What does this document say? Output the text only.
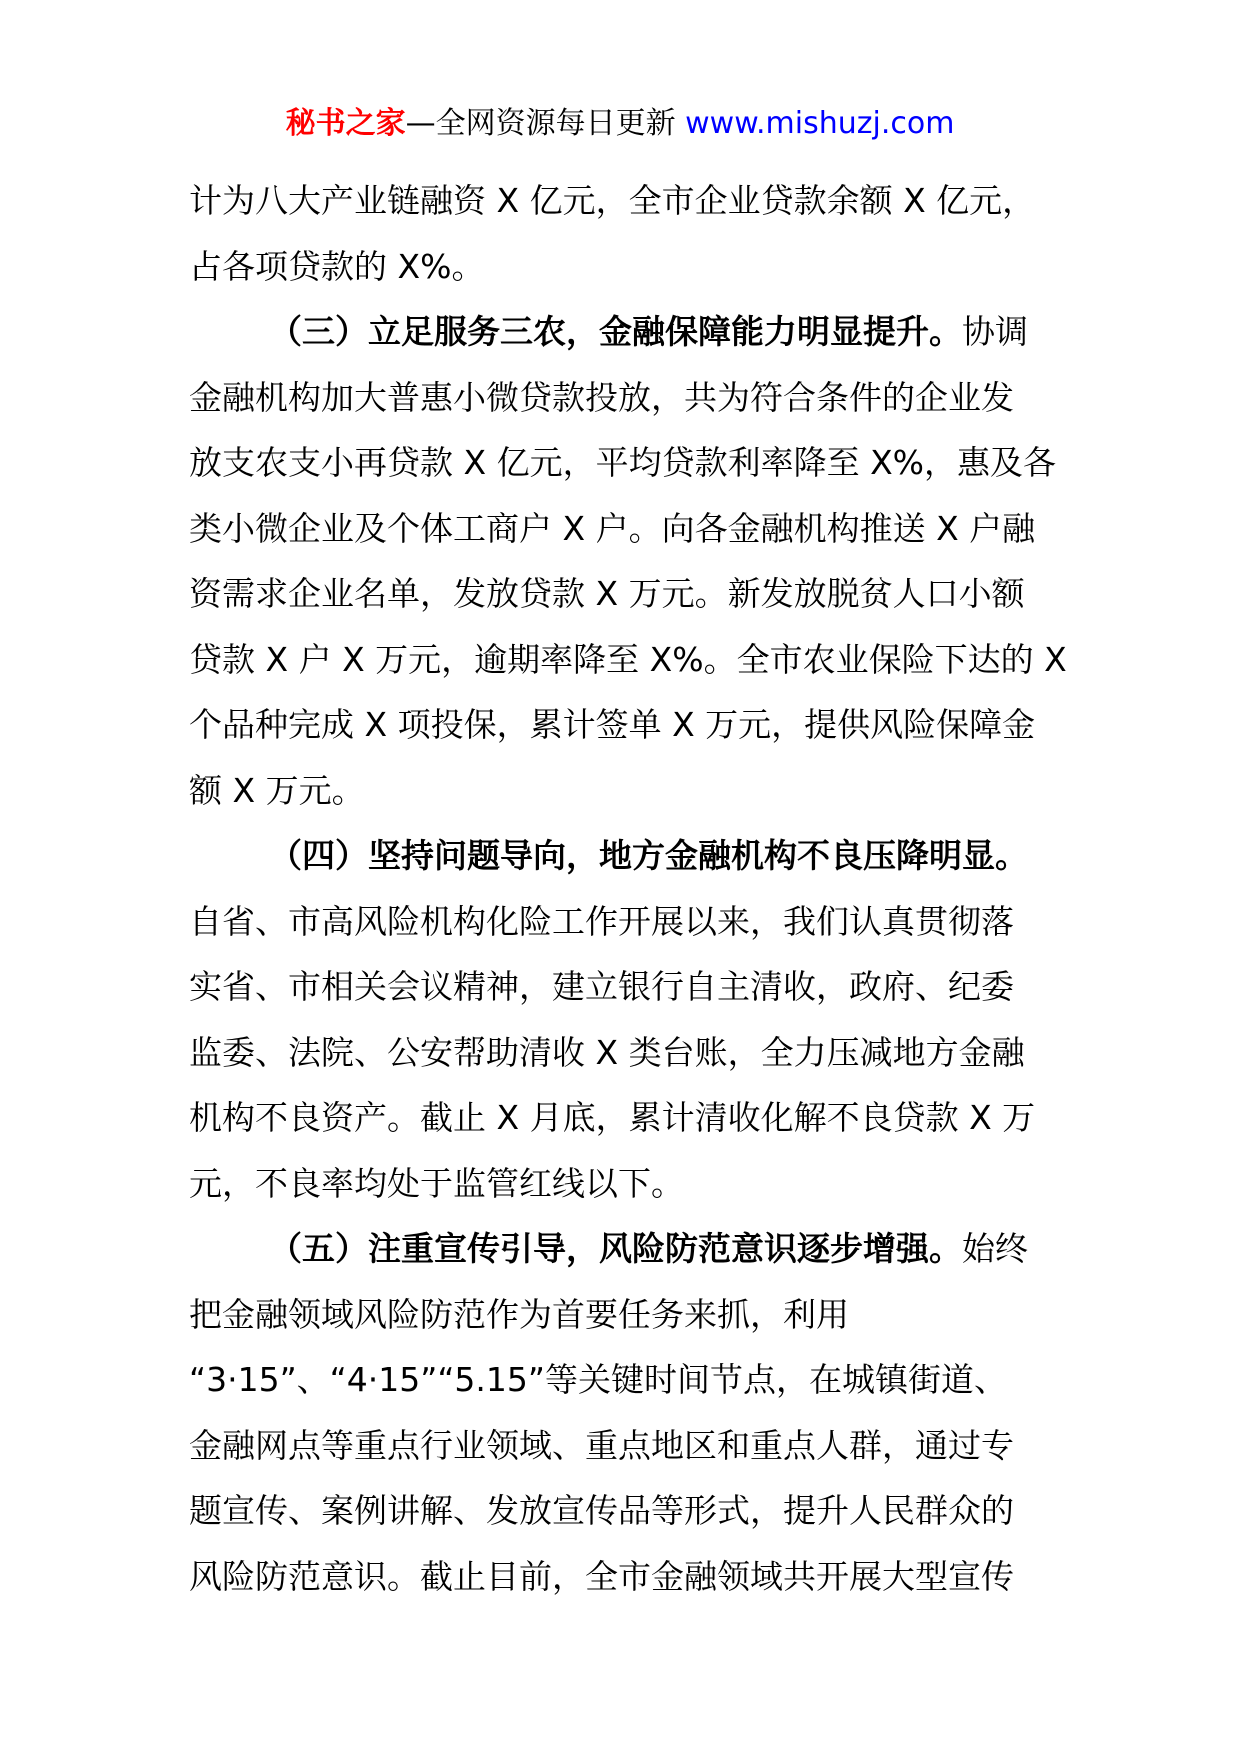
秘书之家—全网资源每日更新 www.mishuzj.com
计为八大产业链融资 X 亿元，全市企业贷款余额 X 亿元，
占各项贷款的 X%。
（三）立足服务三农，金融保障能力明显提升。协调
金融机构加大普惠小微贷款投放，共为符合条件的企业发
放支农支小再贷款 X 亿元，平均贷款利率降至 X%，惠及各
类小微企业及个体工商户 X 户。向各金融机构推送 X 户融
资需求企业名单，发放贷款 X 万元。新发放脱贫人口小额
贷款 X 户 X 万元，逾期率降至 X%。全市农业保险下达的 X
个品种完成 X 项投保，累计签单 X 万元，提供风险保障金
额 X 万元。
（四）坚持问题导向，地方金融机构不良压降明显。
自省、市高风险机构化险工作开展以来，我们认真贯彻落
实省、市相关会议精神，建立银行自主清收，政府、纪委
监委、法院、公安帮助清收 X 类台账，全力压减地方金融
机构不良资产。截止 X 月底，累计清收化解不良贷款 X 万
元，不良率均处于监管红线以下。
（五）注重宣传引导，风险防范意识逐步增强。始终
把金融领域风险防范作为首要任务来抓，利用
“3·15”、“4·15”“5.15”等关键时间节点，在城镇街道、
金融网点等重点行业领域、重点地区和重点人群，通过专
题宣传、案例讲解、发放宣传品等形式，提升人民群众的
风险防范意识。截止目前，全市金融领域共开展大型宣传
